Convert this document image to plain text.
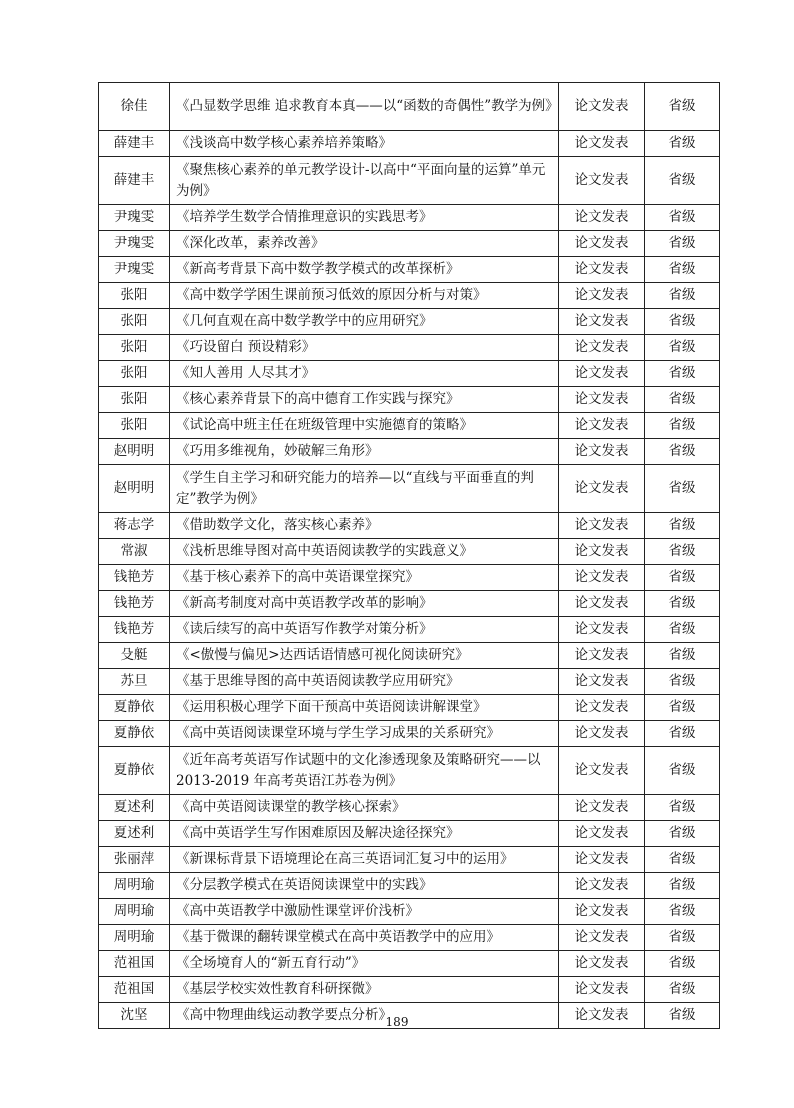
徐佳	《凸显数学思维 追求教育本真——以“函数的奇偶性”教学为例》	论文发表	省级
薛建丰	《浅谈高中数学核心素养培养策略》	论文发表	省级
薛建丰	《聚焦核心素养的单元教学设计-以高中“平面向量的运算”单元为例》	论文发表	省级
尹瑰雯	《培养学生数学合情推理意识的实践思考》	论文发表	省级
尹瑰雯	《深化改革，素养改善》	论文发表	省级
尹瑰雯	《新高考背景下高中数学教学模式的改革探析》	论文发表	省级
张阳	《高中数学学困生课前预习低效的原因分析与对策》	论文发表	省级
张阳	《几何直观在高中数学教学中的应用研究》	论文发表	省级
张阳	《巧设留白 预设精彩》	论文发表	省级
张阳	《知人善用 人尽其才》	论文发表	省级
张阳	《核心素养背景下的高中德育工作实践与探究》	论文发表	省级
张阳	《试论高中班主任在班级管理中实施德育的策略》	论文发表	省级
赵明明	《巧用多维视角，妙破解三角形》	论文发表	省级
赵明明	《学生自主学习和研究能力的培养—以“直线与平面垂直的判定”教学为例》	论文发表	省级
蒋志学	《借助数学文化，落实核心素养》	论文发表	省级
常淑	《浅析思维导图对高中英语阅读教学的实践意义》	论文发表	省级
钱艳芳	《基于核心素养下的高中英语课堂探究》	论文发表	省级
钱艳芳	《新高考制度对高中英语教学改革的影响》	论文发表	省级
钱艳芳	《读后续写的高中英语写作教学对策分析》	论文发表	省级
殳艇	《<傲慢与偏见>达西话语情感可视化阅读研究》	论文发表	省级
苏旦	《基于思维导图的高中英语阅读教学应用研究》	论文发表	省级
夏静依	《运用积极心理学下面干预高中英语阅读讲解课堂》	论文发表	省级
夏静依	《高中英语阅读课堂环境与学生学习成果的关系研究》	论文发表	省级
夏静依	《近年高考英语写作试题中的文化渗透现象及策略研究——以 2013-2019 年高考英语江苏卷为例》	论文发表	省级
夏述利	《高中英语阅读课堂的教学核心探索》	论文发表	省级
夏述利	《高中英语学生写作困难原因及解决途径探究》	论文发表	省级
张丽萍	《新课标背景下语境理论在高三英语词汇复习中的运用》	论文发表	省级
周明瑜	《分层教学模式在英语阅读课堂中的实践》	论文发表	省级
周明瑜	《高中英语教学中激励性课堂评价浅析》	论文发表	省级
周明瑜	《基于微课的翻转课堂模式在高中英语教学中的应用》	论文发表	省级
范祖国	《全场境育人的“新五育行动”》	论文发表	省级
范祖国	《基层学校实效性教育科研探微》	论文发表	省级
沈坚	《高中物理曲线运动教学要点分析》	论文发表	省级
189
